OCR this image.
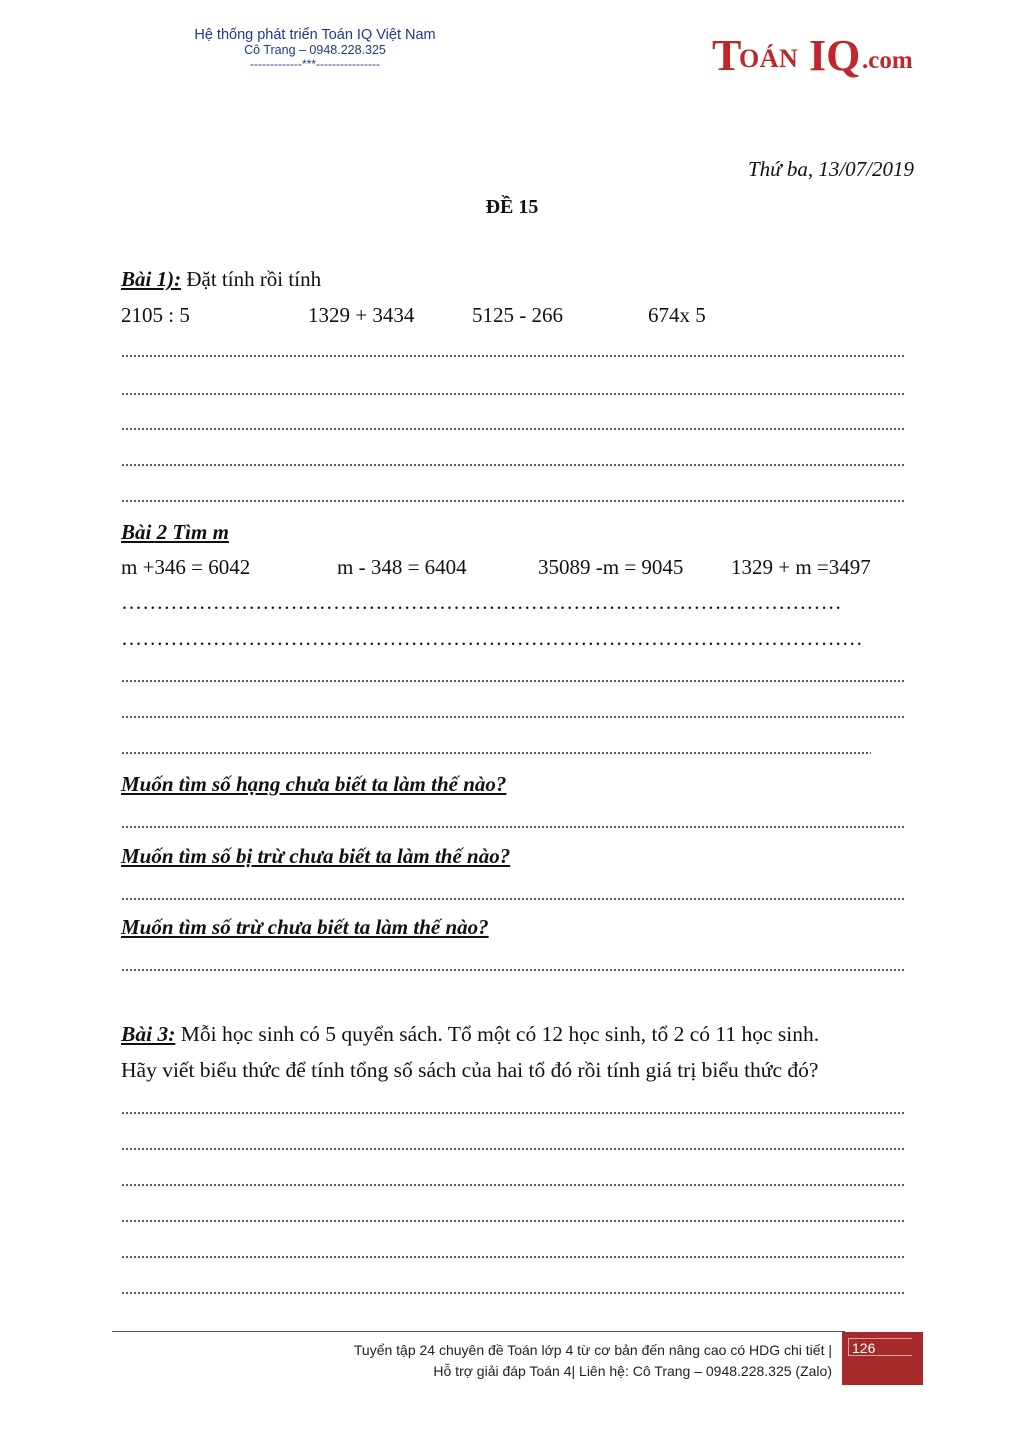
Hệ thống phát triển Toán IQ Việt Nam
Cô Trang – 0948.228.325
-------------***----------------	T
OÁN IQ .com
Thứ ba, 13/07/2019
ĐỀ 15
Bài 1): Đặt tính rồi tính
2105 : 5	1329 + 3434	5125 - 266	674x 5
Bài 2 Tìm m
m +346 = 6042	m - 348 = 6404	35089 -m = 9045 1329 + m =3497
…………………………………………………………………………………………
……………………………………………………………………………………………
Muốn tìm số hạng chưa biết ta làm thế nào?
Muốn tìm số bị trừ chưa biết ta làm thế nào?
Muốn tìm số trừ chưa biết ta làm thế nào?
Bài 3: Mỗi học sinh có 5 quyển sách. Tổ một có 12 học sinh, tổ 2 có 11 học sinh.
Hãy viết biểu thức để tính tổng số sách của hai tổ đó rồi tính giá trị biểu thức đó?
Tuyển tập 24 chuyên đề Toán lớp 4 từ cơ bản đến nâng cao có HDG chi tiết |
Hỗ trợ giải đáp Toán 4| Liên hệ: Cô Trang – 0948.228.325 (Zalo)
126
